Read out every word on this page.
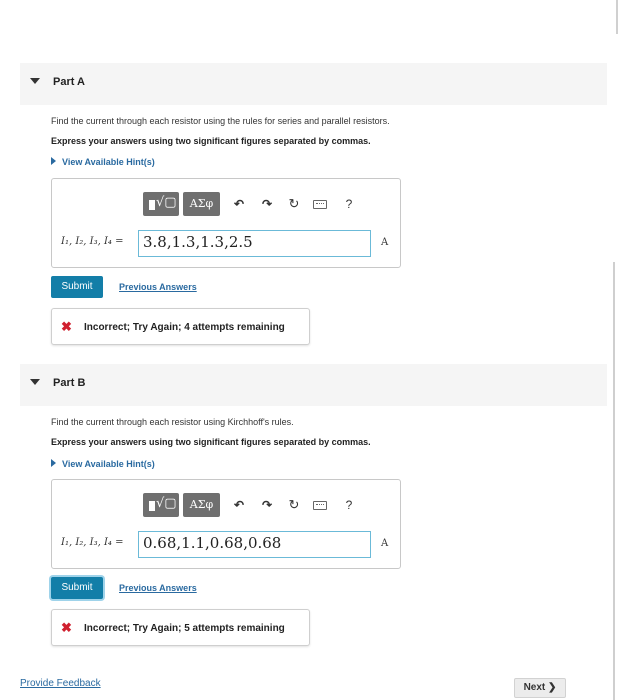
Part A
Find the current through each resistor using the rules for series and parallel resistors.
Express your answers using two significant figures separated by commas.
View Available Hint(s)
√▢	ΑΣφ	↶	↷	↻	?
I₁, I₂, I₃, I₄ =	3.8,1.3,1.3,2.5	A
Submit	Previous Answers
✖ Incorrect; Try Again; 4 attempts remaining
Part B
Find the current through each resistor using Kirchhoff's rules.
Express your answers using two significant figures separated by commas.
View Available Hint(s)
√▢	ΑΣφ	↶	↷	↻	?
I₁, I₂, I₃, I₄ =	0.68,1.1,0.68,0.68	A
Submit	Previous Answers
✖ Incorrect; Try Again; 5 attempts remaining
Provide Feedback	Next ❯
